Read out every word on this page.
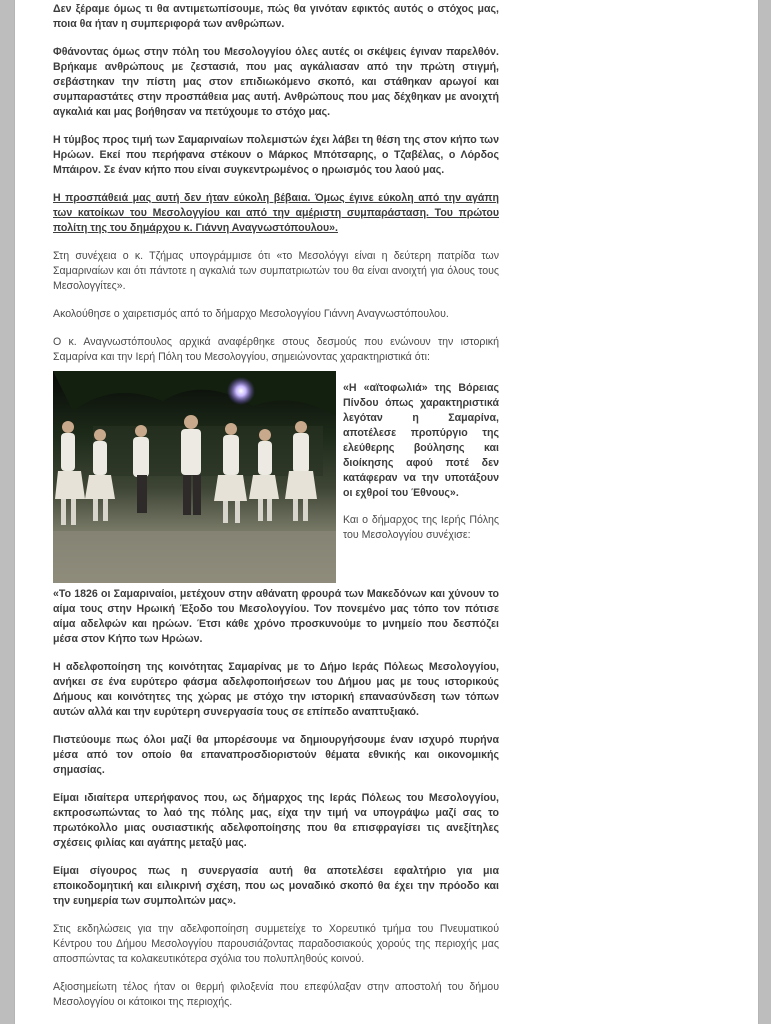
Δεν ξέραμε όμως τι θα αντιμετωπίσουμε, πώς θα γινόταν εφικτός αυτός ο στόχος μας, ποια θα ήταν η συμπεριφορά των ανθρώπων.

Φθάνοντας όμως στην πόλη του Μεσολογγίου όλες αυτές οι σκέψεις έγιναν παρελθόν. Βρήκαμε ανθρώπους με ζεστασιά, που μας αγκάλιασαν από την πρώτη στιγμή, σεβάστηκαν την πίστη μας στον επιδιωκόμενο σκοπό, και στάθηκαν αρωγοί και συμπαραστάτες στην προσπάθεια μας αυτή. Ανθρώπους που μας δέχθηκαν με ανοιχτή αγκαλιά και μας βοήθησαν να πετύχουμε το στόχο μας.

Η τύμβος προς τιμή των Σαμαριναίων πολεμιστών έχει λάβει τη θέση της στον κήπο των Ηρώων. Εκεί που περήφανα στέκουν ο Μάρκος Μπότσαρης, ο Τζαβέλας, ο Λόρδος Μπάιρον. Σε έναν κήπο που είναι συγκεντρωμένος ο ηρωισμός του λαού μας.

Η προσπάθειά μας αυτή δεν ήταν εύκολη βέβαια. Όμως έγινε εύκολη από την αγάπη των κατοίκων του Μεσολογγίου και από την αμέριστη συμπαράσταση. Του πρώτου πολίτη της του δημάρχου κ. Γιάννη Αναγνωστόπουλου».

Στη συνέχεια ο κ. Τζήμας υπογράμμισε ότι «το Μεσολόγγι είναι η δεύτερη πατρίδα των Σαμαριναίων και ότι πάντοτε η αγκαλιά των συμπατριωτών του θα είναι ανοιχτή για όλους τους Μεσολογγίτες».

Ακολούθησε ο χαιρετισμός από το δήμαρχο Μεσολογγίου Γιάννη Αναγνωστόπουλου.

Ο κ. Αναγνωστόπουλος αρχικά αναφέρθηκε στους δεσμούς που ενώνουν την ιστορική Σαμαρίνα και την Ιερή Πόλη του Μεσολογγίου, σημειώνοντας χαρακτηριστικά ότι:

«Η «αϊτοφωλιά» της Βόρειας Πίνδου όπως χαρακτηριστικά λεγόταν η Σαμαρίνα, αποτέλεσε προπύργιο της ελεύθερης βούλησης και διοίκησης αφού ποτέ δεν κατάφεραν να την υποτάξουν οι εχθροί του Έθνους».

Και ο δήμαρχος της Ιερής Πόλης του Μεσολογγίου συνέχισε:

«Το 1826 οι Σαμαριναίοι, μετέχουν στην αθάνατη φρουρά των Μακεδόνων και χύνουν το αίμα τους στην Ηρωική Έξοδο του Μεσολογγίου. Τον πονεμένο μας τόπο τον πότισε αίμα αδελφών και ηρώων. Έτσι κάθε χρόνο προσκυνούμε το μνημείο που δεσπόζει μέσα στον Κήπο των Ηρώων.

Η αδελφοποίηση της κοινότητας Σαμαρίνας με το Δήμο Ιεράς Πόλεως Μεσολογγίου, ανήκει σε ένα ευρύτερο φάσμα αδελφοποιήσεων του Δήμου μας με τους ιστορικούς Δήμους και κοινότητες της χώρας με στόχο την ιστορική επανασύνδεση των τόπων αυτών αλλά και την ευρύτερη συνεργασία τους σε επίπεδο αναπτυξιακό.

Πιστεύουμε πως όλοι μαζί θα μπορέσουμε να δημιουργήσουμε έναν ισχυρό πυρήνα μέσα από τον οποίο θα επαναπροσδιοριστούν θέματα εθνικής και οικονομικής σημασίας.

Είμαι ιδιαίτερα υπερήφανος που, ως δήμαρχος της Ιεράς Πόλεως του Μεσολογγίου, εκπροσωπώντας το λαό της πόλης μας, είχα την τιμή να υπογράψω μαζί σας το πρωτόκολλο μιας ουσιαστικής αδελφοποίησης που θα επισφραγίσει τις ανεξίτηλες σχέσεις φιλίας και αγάπης μεταξύ μας.

Είμαι σίγουρος πως η συνεργασία αυτή θα αποτελέσει εφαλτήριο για μια εποικοδομητική και ειλικρινή σχέση, που ως μοναδικό σκοπό θα έχει την πρόοδο και την ευημερία των συμπολιτών μας».

Στις εκδηλώσεις για την αδελφοποίηση συμμετείχε το Χορευτικό τμήμα του Πνευματικού Κέντρου του Δήμου Μεσολογγίου παρουσιάζοντας παραδοσιακούς χορούς της περιοχής μας αποσπώντας τα κολακευτικότερα σχόλια του πολυπληθούς κοινού.

Αξιοσημείωτη τέλος ήταν οι θερμή φιλοξενία που επεφύλαξαν στην αποστολή του δήμου Μεσολογγίου οι κάτοικοι της περιοχής.
